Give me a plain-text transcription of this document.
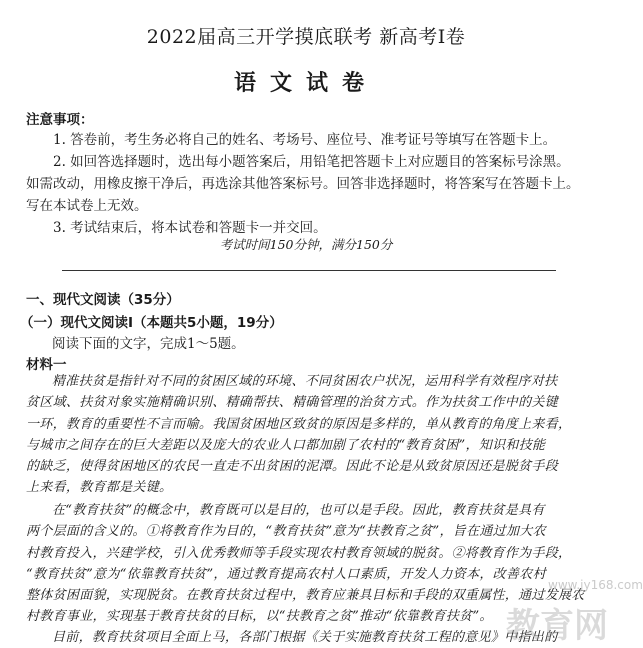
2022届高三开学摸底联考 新高考I卷
语文试卷
注意事项：
1. 答卷前，考生务必将自己的姓名、考场号、座位号、准考证号等填写在答题卡上。
2. 如回答选择题时，选出每小题答案后，用铅笔把答题卡上对应题目的答案标号涂黑。
如需改动，用橡皮擦干净后，再选涂其他答案标号。回答非选择题时，将答案写在答题卡上。
写在本试卷上无效。
3. 考试结束后，将本试卷和答题卡一并交回。
考试时间150分钟，满分150分
一、现代文阅读（35分）
（一）现代文阅读I（本题共5小题，19分）
阅读下面的文字，完成1～5题。
材料一
精准扶贫是指针对不同的贫困区域的环境、不同贫困农户状况，运用科学有效程序对扶
贫区域、扶贫对象实施精确识别、精确帮扶、精确管理的治贫方式。作为扶贫工作中的关键
一环，教育的重要性不言而喻。我国贫困地区致贫的原因是多样的，单从教育的角度上来看，
与城市之间存在的巨大差距以及庞大的农业人口都加剧了农村的“教育贫困”，知识和技能
的缺乏，使得贫困地区的农民一直走不出贫困的泥潭。因此不论是从致贫原因还是脱贫手段
上来看，教育都是关键。
在“教育扶贫”的概念中，教育既可以是目的，也可以是手段。因此，教育扶贫是具有
两个层面的含义的。①将教育作为目的，“教育扶贫”意为“扶教育之贫”，旨在通过加大农
村教育投入，兴建学校，引入优秀教师等手段实现农村教育领域的脱贫。②将教育作为手段，
“教育扶贫”意为“依靠教育扶贫”，通过教育提高农村人口素质，开发人力资本，改善农村
整体贫困面貌，实现脱贫。在教育扶贫过程中，教育应兼具目标和手段的双重属性，通过发展农
村教育事业，实现基于教育扶贫的目标，以“扶教育之贫”推动“依靠教育扶贫”。
目前，教育扶贫项目全面上马，各部门根据《关于实施教育扶贫工程的意见》中指出的
www.jy168.com
教育网
